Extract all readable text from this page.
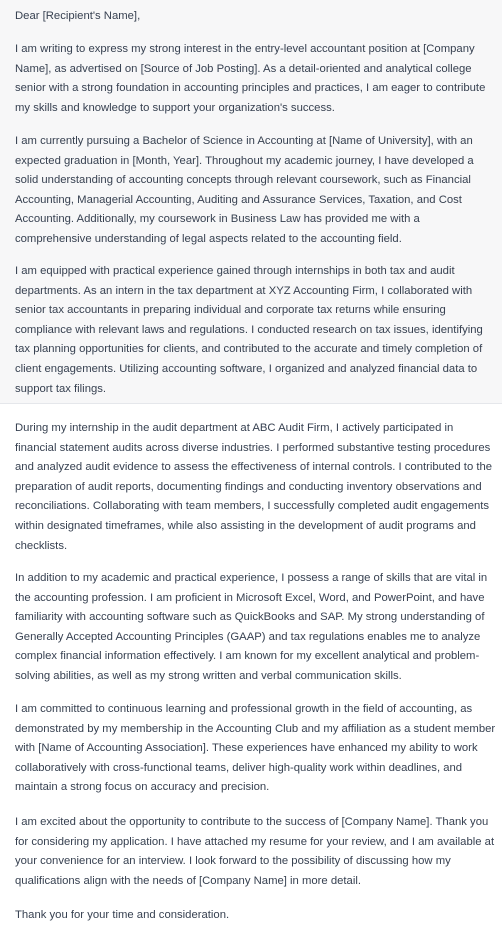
Dear [Recipient's Name],

I am writing to express my strong interest in the entry-level accountant position at [Company Name], as advertised on [Source of Job Posting]. As a detail-oriented and analytical college senior with a strong foundation in accounting principles and practices, I am eager to contribute my skills and knowledge to support your organization's success.

I am currently pursuing a Bachelor of Science in Accounting at [Name of University], with an expected graduation in [Month, Year]. Throughout my academic journey, I have developed a solid understanding of accounting concepts through relevant coursework, such as Financial Accounting, Managerial Accounting, Auditing and Assurance Services, Taxation, and Cost Accounting. Additionally, my coursework in Business Law has provided me with a comprehensive understanding of legal aspects related to the accounting field.

I am equipped with practical experience gained through internships in both tax and audit departments. As an intern in the tax department at XYZ Accounting Firm, I collaborated with senior tax accountants in preparing individual and corporate tax returns while ensuring compliance with relevant laws and regulations. I conducted research on tax issues, identifying tax planning opportunities for clients, and contributed to the accurate and timely completion of client engagements. Utilizing accounting software, I organized and analyzed financial data to support tax filings.

During my internship in the audit department at ABC Audit Firm, I actively participated in financial statement audits across diverse industries. I performed substantive testing procedures and analyzed audit evidence to assess the effectiveness of internal controls. I contributed to the preparation of audit reports, documenting findings and conducting inventory observations and reconciliations. Collaborating with team members, I successfully completed audit engagements within designated timeframes, while also assisting in the development of audit programs and checklists.

In addition to my academic and practical experience, I possess a range of skills that are vital in the accounting profession. I am proficient in Microsoft Excel, Word, and PowerPoint, and have familiarity with accounting software such as QuickBooks and SAP. My strong understanding of Generally Accepted Accounting Principles (GAAP) and tax regulations enables me to analyze complex financial information effectively. I am known for my excellent analytical and problem-solving abilities, as well as my strong written and verbal communication skills.

I am committed to continuous learning and professional growth in the field of accounting, as demonstrated by my membership in the Accounting Club and my affiliation as a student member with [Name of Accounting Association]. These experiences have enhanced my ability to work collaboratively with cross-functional teams, deliver high-quality work within deadlines, and maintain a strong focus on accuracy and precision.

I am excited about the opportunity to contribute to the success of [Company Name]. Thank you for considering my application. I have attached my resume for your review, and I am available at your convenience for an interview. I look forward to the possibility of discussing how my qualifications align with the needs of [Company Name] in more detail.

Thank you for your time and consideration.
